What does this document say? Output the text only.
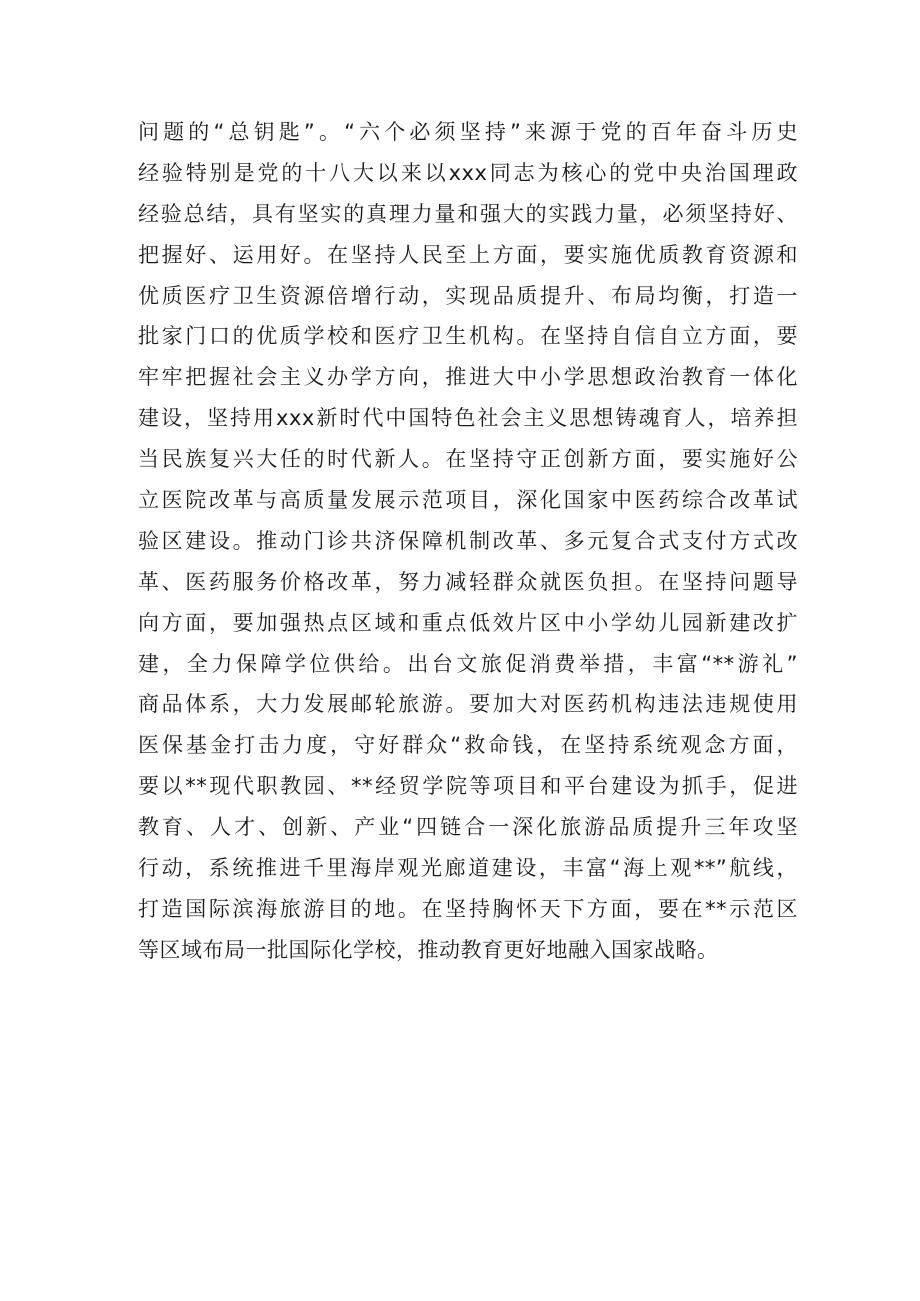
问题的“总钥匙”。“六个必须坚持”来源于党的百年奋斗历史
经验特别是党的十八大以来以xxx同志为核心的党中央治国理政
经验总结，具有坚实的真理力量和强大的实践力量，必须坚持好、
把握好、运用好。在坚持人民至上方面，要实施优质教育资源和
优质医疗卫生资源倍增行动，实现品质提升、布局均衡，打造一
批家门口的优质学校和医疗卫生机构。在坚持自信自立方面，要
牢牢把握社会主义办学方向，推进大中小学思想政治教育一体化
建设，坚持用xxx新时代中国特色社会主义思想铸魂育人，培养担
当民族复兴大任的时代新人。在坚持守正创新方面，要实施好公
立医院改革与高质量发展示范项目，深化国家中医药综合改革试
验区建设。推动门诊共济保障机制改革、多元复合式支付方式改
革、医药服务价格改革，努力减轻群众就医负担。在坚持问题导
向方面，要加强热点区域和重点低效片区中小学幼儿园新建改扩
建，全力保障学位供给。出台文旅促消费举措，丰富“**游礼”
商品体系，大力发展邮轮旅游。要加大对医药机构违法违规使用
医保基金打击力度，守好群众“救命钱，在坚持系统观念方面，
要以**现代职教园、**经贸学院等项目和平台建设为抓手，促进
教育、人才、创新、产业“四链合一深化旅游品质提升三年攻坚
行动，系统推进千里海岸观光廊道建设，丰富“海上观**”航线，
打造国际滨海旅游目的地。在坚持胸怀天下方面，要在**示范区
等区域布局一批国际化学校，推动教育更好地融入国家战略。
